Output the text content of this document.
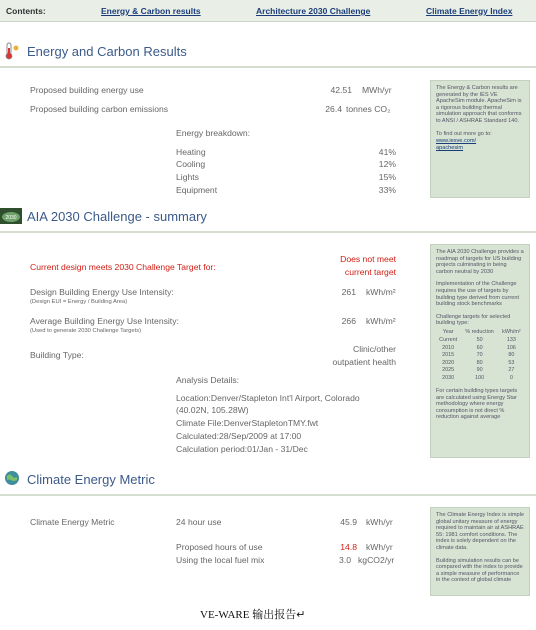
Contents:	Energy & Carbon results	Architecture 2030 Challenge	Climate Energy Index
Energy and Carbon Results
Proposed building energy use	42.51 MWh/yr
Proposed building carbon emissions	26.4 tonnes CO₂
Energy breakdown:
Heating	41%
Cooling	12%
Lights	15%
Equipment	33%

The Energy & Carbon results are generated by the IES VE ApacheSim module. ApacheSim is a rigorous building thermal simulation approach that conforms to ANSI / ASHRAE Standard 140.

To find out more go to:

www.iesve.com/
apachesim
2030 AIA 2030 Challenge - summary
Current design meets 2030 Challenge Target for:
Does not meet
current target
Design Building Energy Use Intensity:
(Design EUI = Energy / Building Area)
261 kWh/m²
Average Building Energy Use Intensity:
(Used to generate 2030 Challenge Targets)
266 kWh/m²
Building Type:
Clinic/other
outpatient health
Analysis Details:
Location:Denver/Stapleton Int'l Airport, Colorado
(40.02N, 105.28W)
Climate File:DenverStapletonTMY.fwt
Calculated:28/Sep/2009 at 17:00
Calculation period:01/Jan - 31/Dec

The AIA 2030 Challenge provides a roadmap of targets for US building projects culminating in being carbon neutral by 2030

Implementation of the Challenge requires the use of targets by building type derived from current building stock benchmarks

Challenge targets for selected building type:

Year	% reduction	kWh/m²
Current	50	133
2010	60	106
2015	70	80
2020	80	53
2025	90	27
2030	100	0

For certain building types targets are calculated using Energy Star methodology where energy consumption is not direct % reduction against average

Climate Energy Metric
Climate Energy Metric	24 hour use	45.9 kWh/yr
Proposed hours of use	14.8 kWh/yr
Using the local fuel mix	3.0 kgCO2/yr

The Climate Energy Index is simple global unitary measure of energy required to maintain air at ASHRAE 55: 1981 comfort conditions. The index is solely dependent on the climate data.

Building simulation results can be compared with the index to provide a simple measure of performance in the context of global climate

VE-WARE 输出报告↵
